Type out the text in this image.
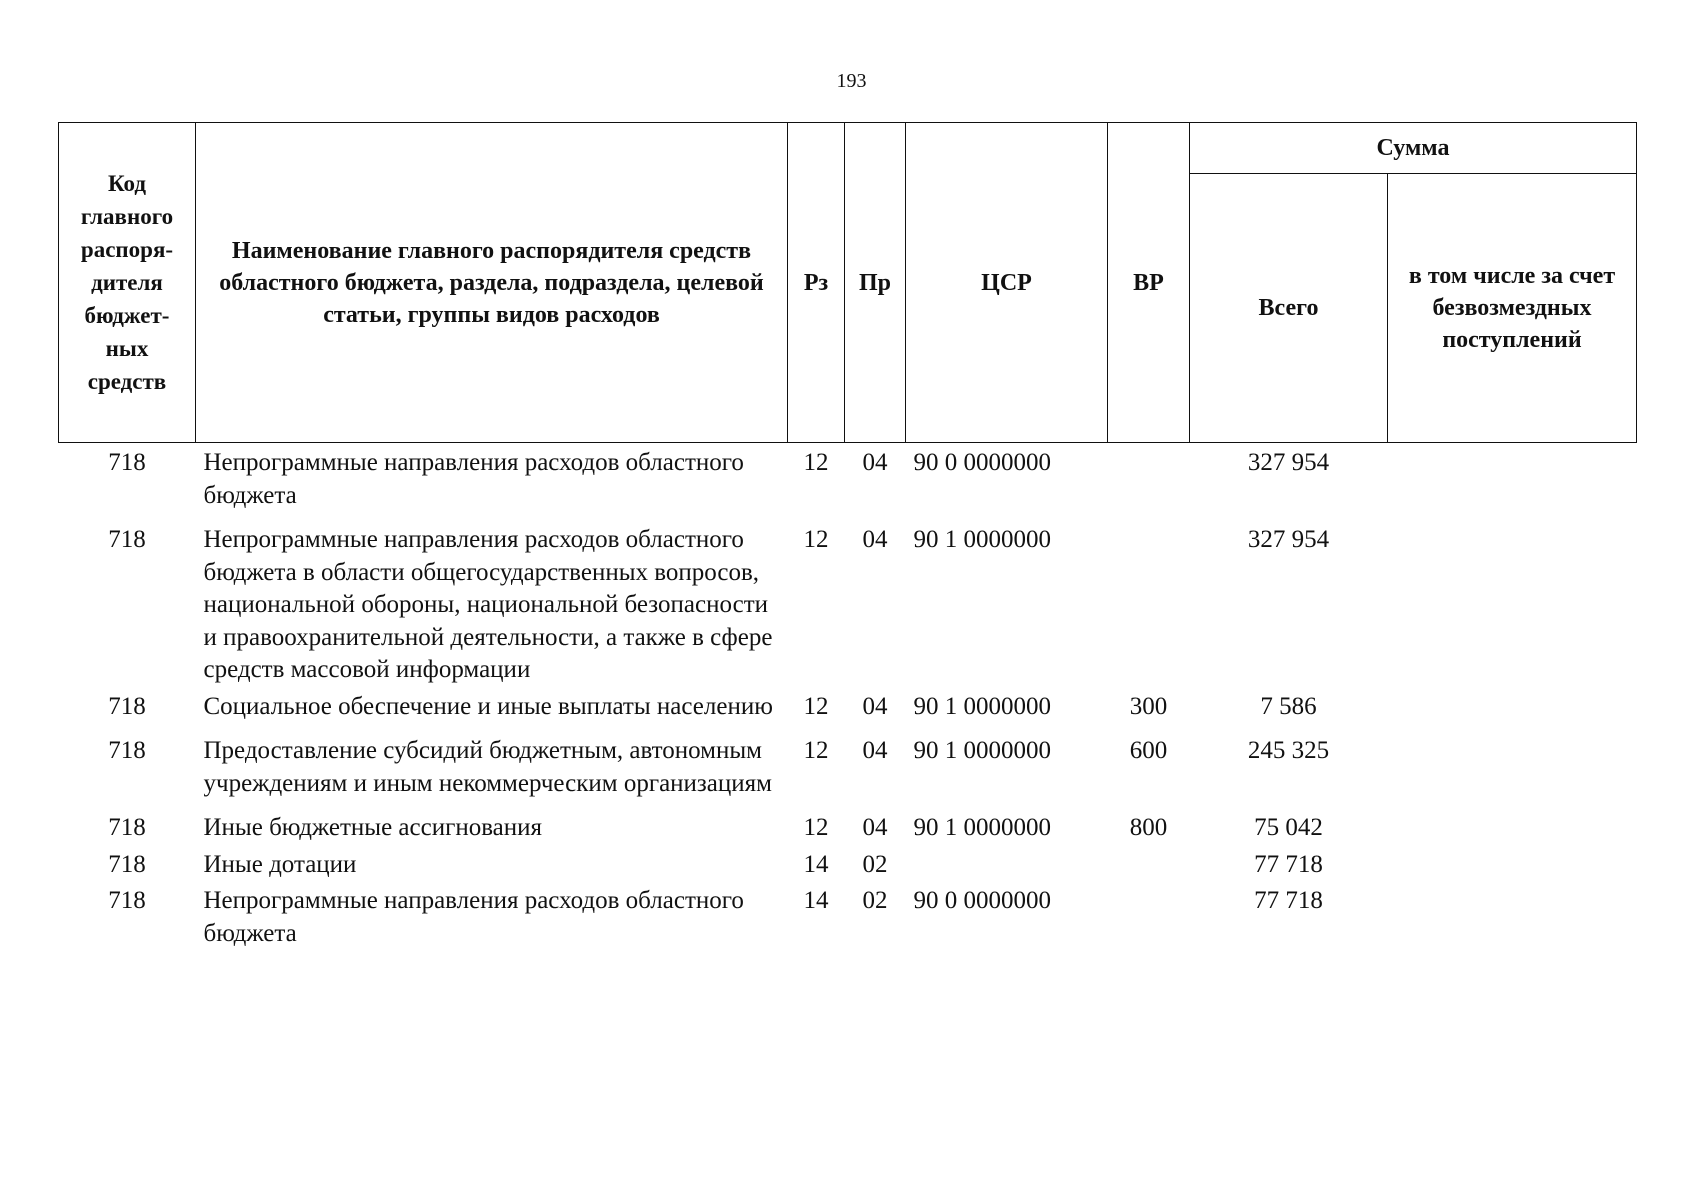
193
Код главного распоря-дителя бюджет-ных средств	Наименование главного распорядителя средств областного бюджета, раздела, подраздела, целевой статьи, группы видов расходов	Рз	Пр	ЦСР	ВР	Сумма	
						Всего	в том числе за счет безвозмездных поступлений
718	Непрограммные направления расходов областного бюджета	12	04	90 0 0000000		327 954	
718	Непрограммные направления расходов областного бюджета в области общегосударственных вопросов, национальной обороны, национальной безопасности и правоохранительной деятельности, а также в сфере средств массовой информации	12	04	90 1 0000000		327 954	
718	Социальное обеспечение и иные выплаты населению	12	04	90 1 0000000	300	7 586	
718	Предоставление субсидий бюджетным, автономным учреждениям и иным некоммерческим организациям	12	04	90 1 0000000	600	245 325	
718	Иные бюджетные ассигнования	12	04	90 1 0000000	800	75 042	
718	Иные дотации	14	02			77 718	
718	Непрограммные направления расходов областного бюджета	14	02	90 0 0000000		77 718	
